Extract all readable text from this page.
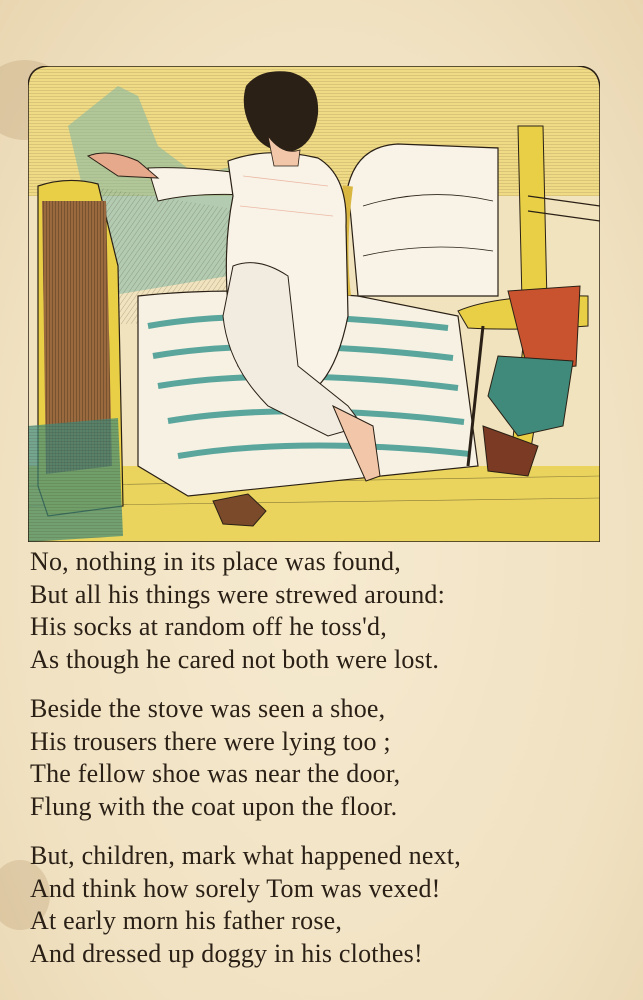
No, nothing in its place was found,
But all his things were strewed around:
His socks at random off he toss'd,
As though he cared not both were lost.
Beside the stove was seen a shoe,
His trousers there were lying too ;
The fellow shoe was near the door,
Flung with the coat upon the floor.
But, children, mark what happened next,
And think how sorely Tom was vexed!
At early morn his father rose,
And dressed up doggy in his clothes!
